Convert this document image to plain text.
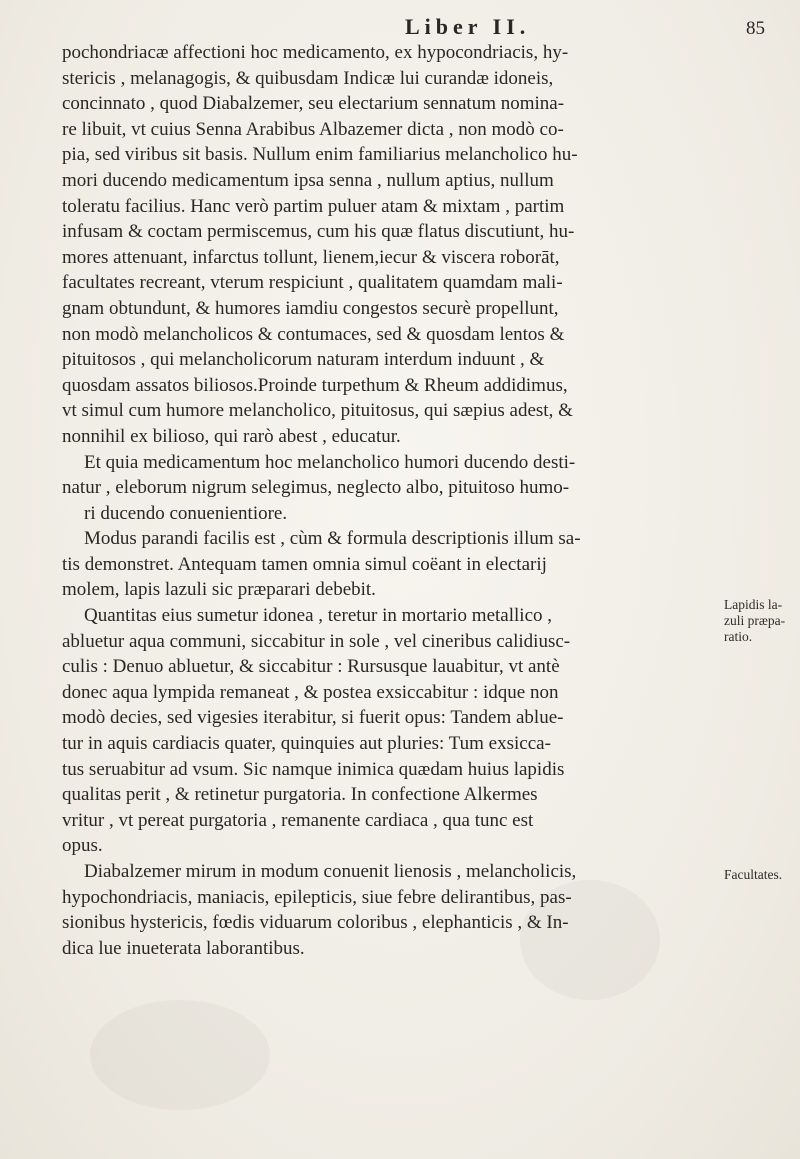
Liber II.	85
pochondriacæ affectioni hoc medicamento, ex hypocondriacis, hy-
stericis , melanagogis, & quibusdam Indicæ lui curandæ idoneis,
concinnato , quod Diabalzemer, seu electarium sennatum nomina-
re libuit, vt cuius Senna Arabibus Albazemer dicta , non modò co-
pia, sed viribus sit basis. Nullum enim familiarius melancholico hu-
mori ducendo medicamentum ipsa senna , nullum aptius, nullum
toleratu facilius. Hanc verò partim puluer atam & mixtam , partim
infusam & coctam permiscemus, cum his quæ flatus discutiunt, hu-
mores attenuant, infarctus tollunt, lienem,iecur & viscera roborāt,
facultates recreant, vterum respiciunt , qualitatem quamdam mali-
gnam obtundunt, & humores iamdiu congestos securè propellunt,
non modò melancholicos & contumaces, sed & quosdam lentos &
pituitosos , qui melancholicorum naturam interdum induunt , &
quosdam assatos biliosos.Proinde turpethum & Rheum addidimus,
vt simul cum humore melancholico, pituitosus, qui sæpius adest, &
nonnihil ex bilioso, qui rarò abest , educatur.
Et quia medicamentum hoc melancholico humori ducendo desti-
natur , eleborum nigrum selegimus, neglecto albo, pituitoso humo-
ri ducendo conuenientiore.
Modus parandi facilis est , cùm & formula descriptionis illum sa-
tis demonstret. Antequam tamen omnia simul coëant in electarij
molem, lapis lazuli sic præparari debebit.
Quantitas eius sumetur idonea , teretur in mortario metallico ,
abluetur aqua communi, siccabitur in sole , vel cineribus calidiusc-
culis : Denuo abluetur, & siccabitur : Rursusque lauabitur, vt antè
donec aqua lympida remaneat , & postea exsiccabitur : idque non
modò decies, sed vigesies iterabitur, si fuerit opus: Tandem ablue-
tur in aquis cardiacis quater, quinquies aut pluries: Tum exsicca-
tus seruabitur ad vsum. Sic namque inimica quædam huius lapidis
qualitas perit , & retinetur purgatoria. In confectione Alkermes
vritur , vt pereat purgatoria , remanente cardiaca , qua tunc est
opus.
Diabalzemer mirum in modum conuenit lienosis , melancholicis,
hypochondriacis, maniacis, epilepticis, siue febre delirantibus, pas-
sionibus hystericis, fœdis viduarum coloribus , elephanticis , & In-
dica lue inueterata laborantibus.
Lapidis la-
zuli præpa-
ratio.
Facultates.
